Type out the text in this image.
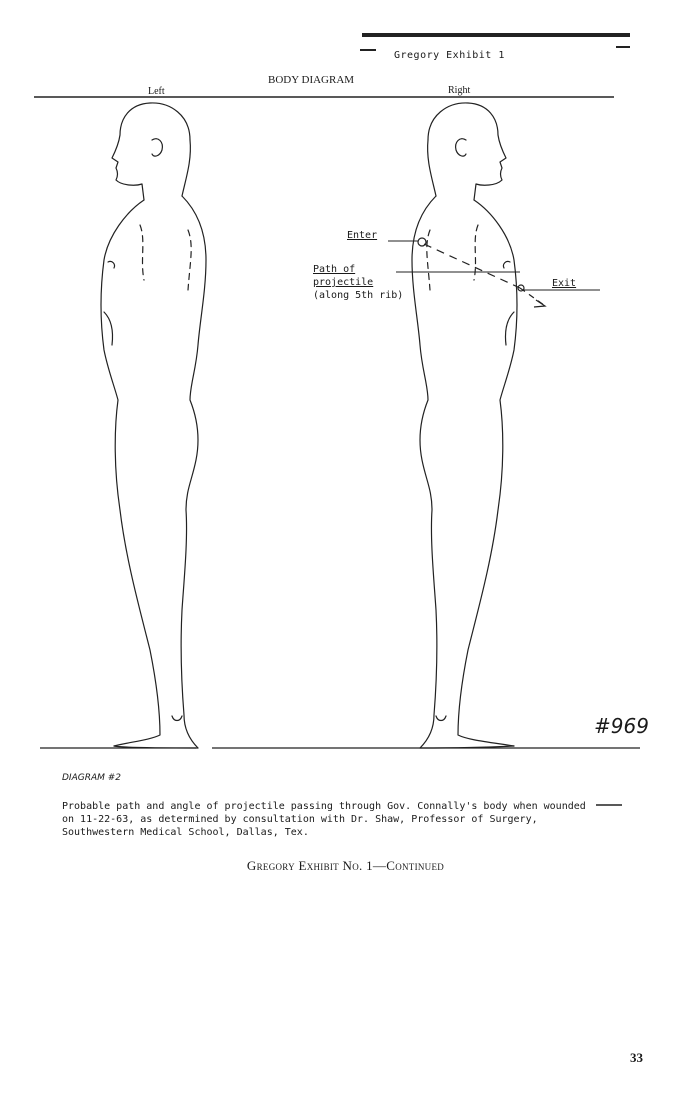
Gregory Exhibit 1
BODY DIAGRAM
Left	Right
Enter
Path of
projectile
(along 5th rib)
Exit
#969
DIAGRAM #2
Probable path and angle of projectile passing through Gov. Connally's body when wounded on 11-22-63, as determined by consultation with Dr. Shaw, Professor of Surgery, Southwestern Medical School, Dallas, Tex.
Gregory Exhibit No. 1—Continued
33
